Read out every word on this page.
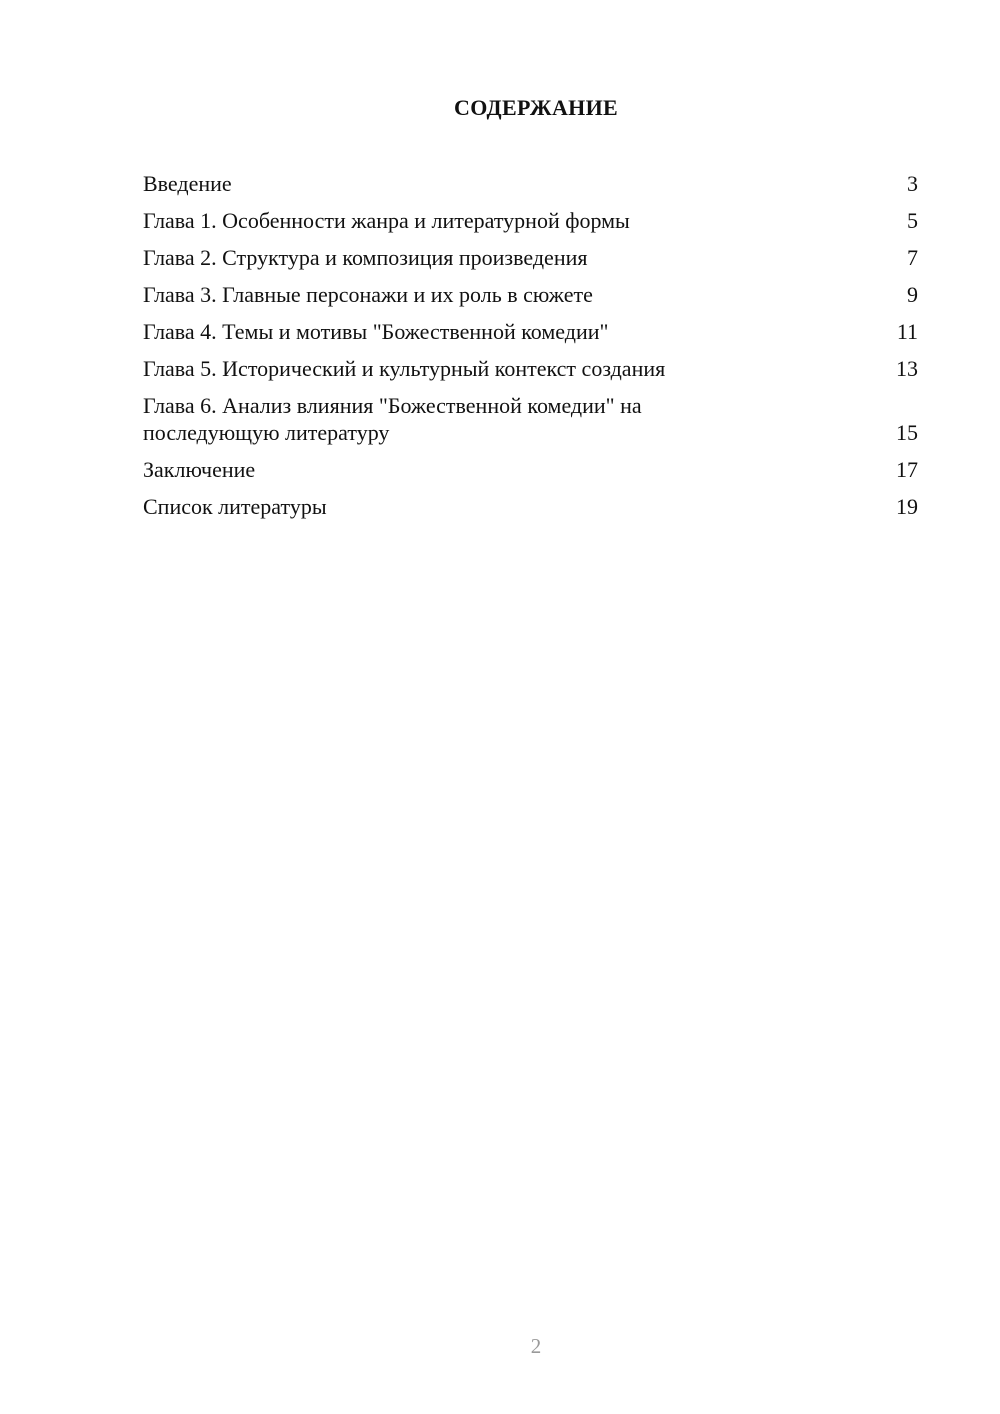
СОДЕРЖАНИЕ
Введение	3
Глава 1. Особенности жанра и литературной формы	5
Глава 2. Структура и композиция произведения	7
Глава 3. Главные персонажи и их роль в сюжете	9
Глава 4. Темы и мотивы "Божественной комедии"	11
Глава 5. Исторический и культурный контекст создания	13
Глава 6. Анализ влияния "Божественной комедии" на
последующую литературу	15
Заключение	17
Список литературы	19
2
